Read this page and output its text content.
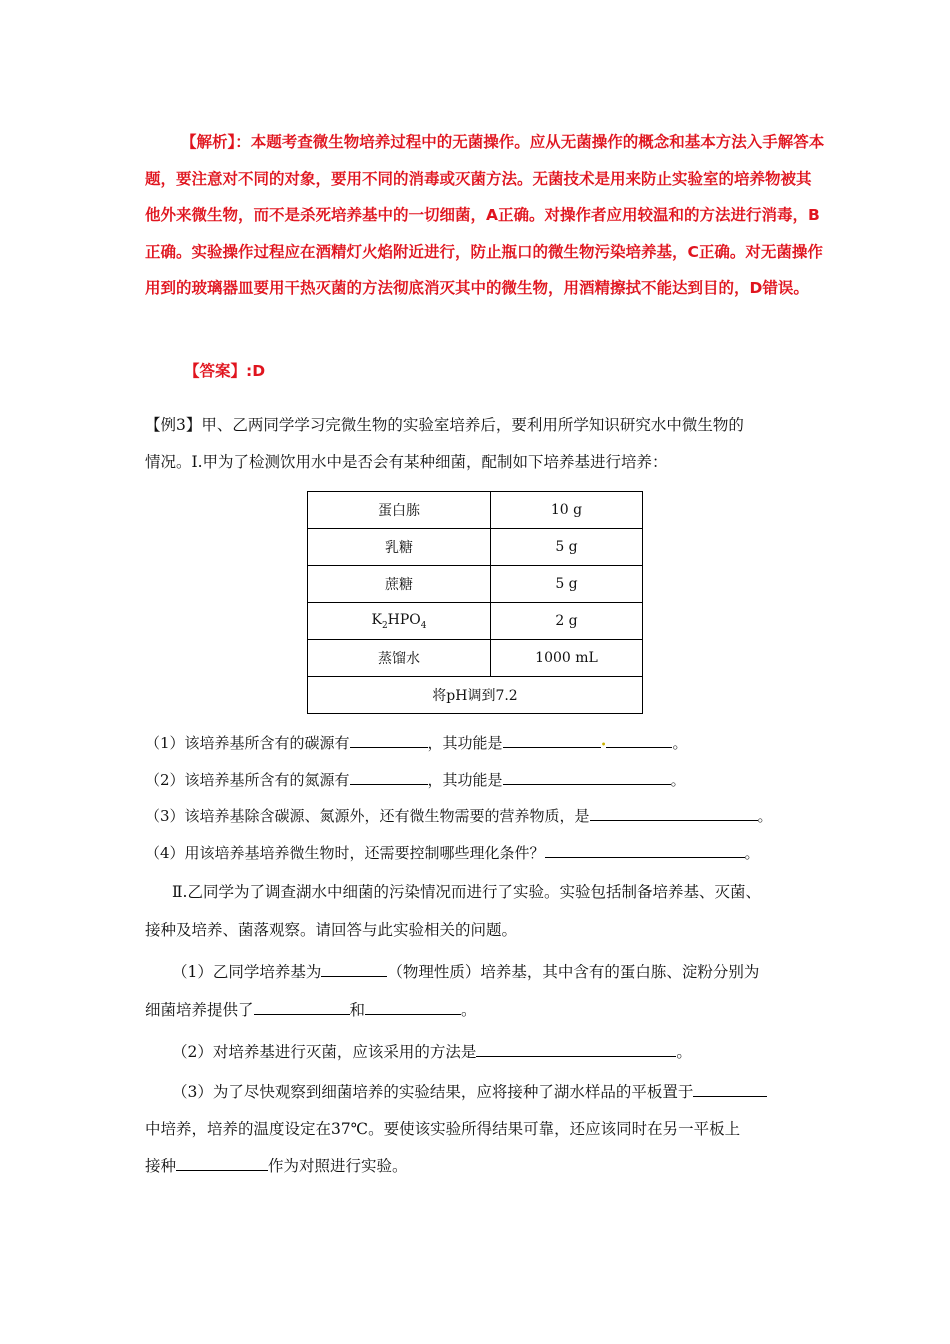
【解析】：本题考查微生物培养过程中的无菌操作。应从无菌操作的概念和基本方法入手解答本题，要注意对不同的对象，要用不同的消毒或灭菌方法。无菌技术是用来防止实验室的培养物被其他外来微生物，而不是杀死培养基中的一切细菌，A正确。对操作者应用较温和的方法进行消毒，B正确。实验操作过程应在酒精灯火焰附近进行，防止瓶口的微生物污染培养基，C正确。对无菌操作用到的玻璃器皿要用干热灭菌的方法彻底消灭其中的微生物，用酒精擦拭不能达到目的，D错误。

【答案】:D

【例3】甲、乙两同学学习完微生物的实验室培养后，要利用所学知识研究水中微生物的

情况。Ⅰ.甲为了检测饮用水中是否会有某种细菌，配制如下培养基进行培养：

蛋白胨	10 g
乳糖	5 g
蔗糖	5 g
$K_2HPO_4$	2 g
蒸馏水	1000 mL
将pH调到7.2	
（1）该培养基所含有的碳源有	，其功能是	•	。
（2）该培养基所含有的氮源有	，其功能是	。
（3）该培养基除含碳源、氮源外，还有微生物需要的营养物质，是	。
（4）用该培养基培养微生物时，还需要控制哪些理化条件？	。
Ⅱ.乙同学为了调查湖水中细菌的污染情况而进行了实验。实验包括制备培养基、灭菌、
接种及培养、菌落观察。请回答与此实验相关的问题。
（1）乙同学培养基为	（物理性质）培养基，其中含有的蛋白胨、淀粉分别为
细菌培养提供了	和	。
（2）对培养基进行灭菌，应该采用的方法是	。
（3）为了尽快观察到细菌培养的实验结果，应将接种了湖水样品的平板置于
中培养，培养的温度设定在37℃。要使该实验所得结果可靠，还应该同时在另一平板上
接种	作为对照进行实验。
